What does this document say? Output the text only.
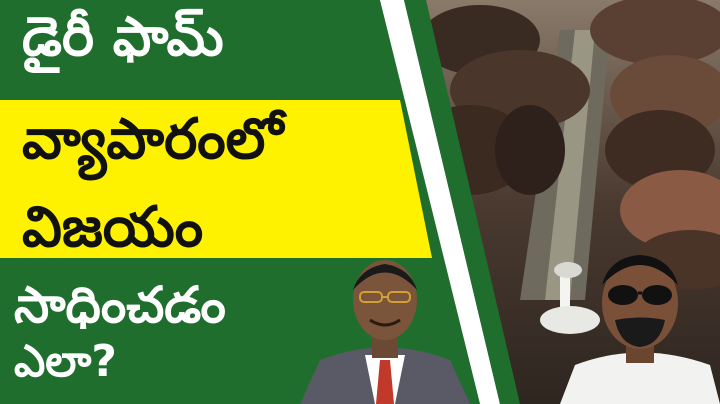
డైరీ ఫామ్
వ్యాపారంలో
విజయం
సాధించడం
ఎలా?
